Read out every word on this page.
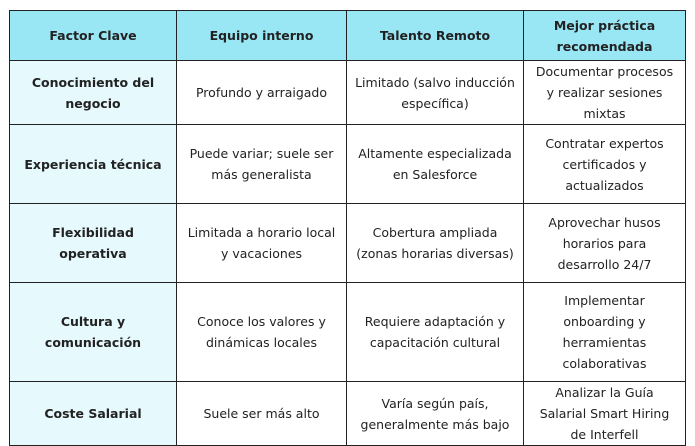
Factor Clave	Equipo interno	Talento Remoto	Mejor práctica recomendada
Conocimiento del negocio	Profundo y arraigado	Limitado (salvo inducción específica)	Documentar procesos y realizar sesiones mixtas
Experiencia técnica	Puede variar; suele ser más generalista	Altamente especializada en Salesforce	Contratar expertos certificados y actualizados
Flexibilidad operativa	Limitada a horario local y vacaciones	Cobertura ampliada (zonas horarias diversas)	Aprovechar husos horarios para desarrollo 24/7
Cultura y comunicación	Conoce los valores y dinámicas locales	Requiere adaptación y capacitación cultural	Implementar onboarding y herramientas colaborativas
Coste Salarial	Suele ser más alto	Varía según país, generalmente más bajo	Analizar la Guía Salarial Smart Hiring de Interfell
